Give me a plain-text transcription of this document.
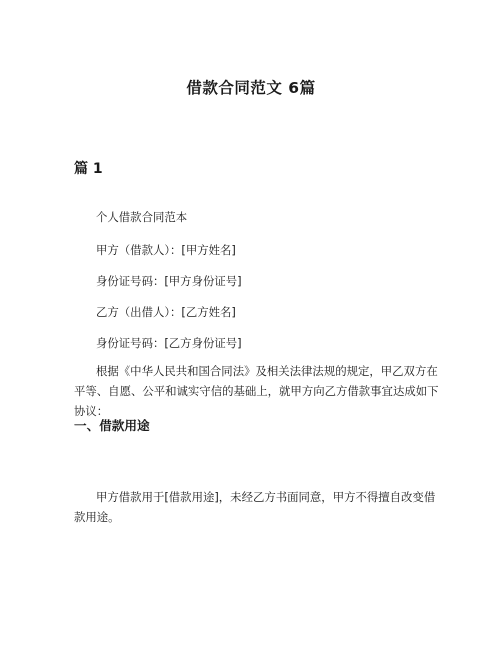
借款合同范文 6篇
篇 1

个人借款合同范本

甲方（借款人）：[甲方姓名]

身份证号码：[甲方身份证号]

乙方（出借人）：[乙方姓名]

身份证号码：[乙方身份证号]

根据《中华人民共和国合同法》及相关法律法规的规定，甲乙双方在平等、自愿、公平和诚实守信的基础上，就甲方向乙方借款事宜达成如下协议：

一、借款用途

甲方借款用于[借款用途]，未经乙方书面同意，甲方不得擅自改变借款用途。
